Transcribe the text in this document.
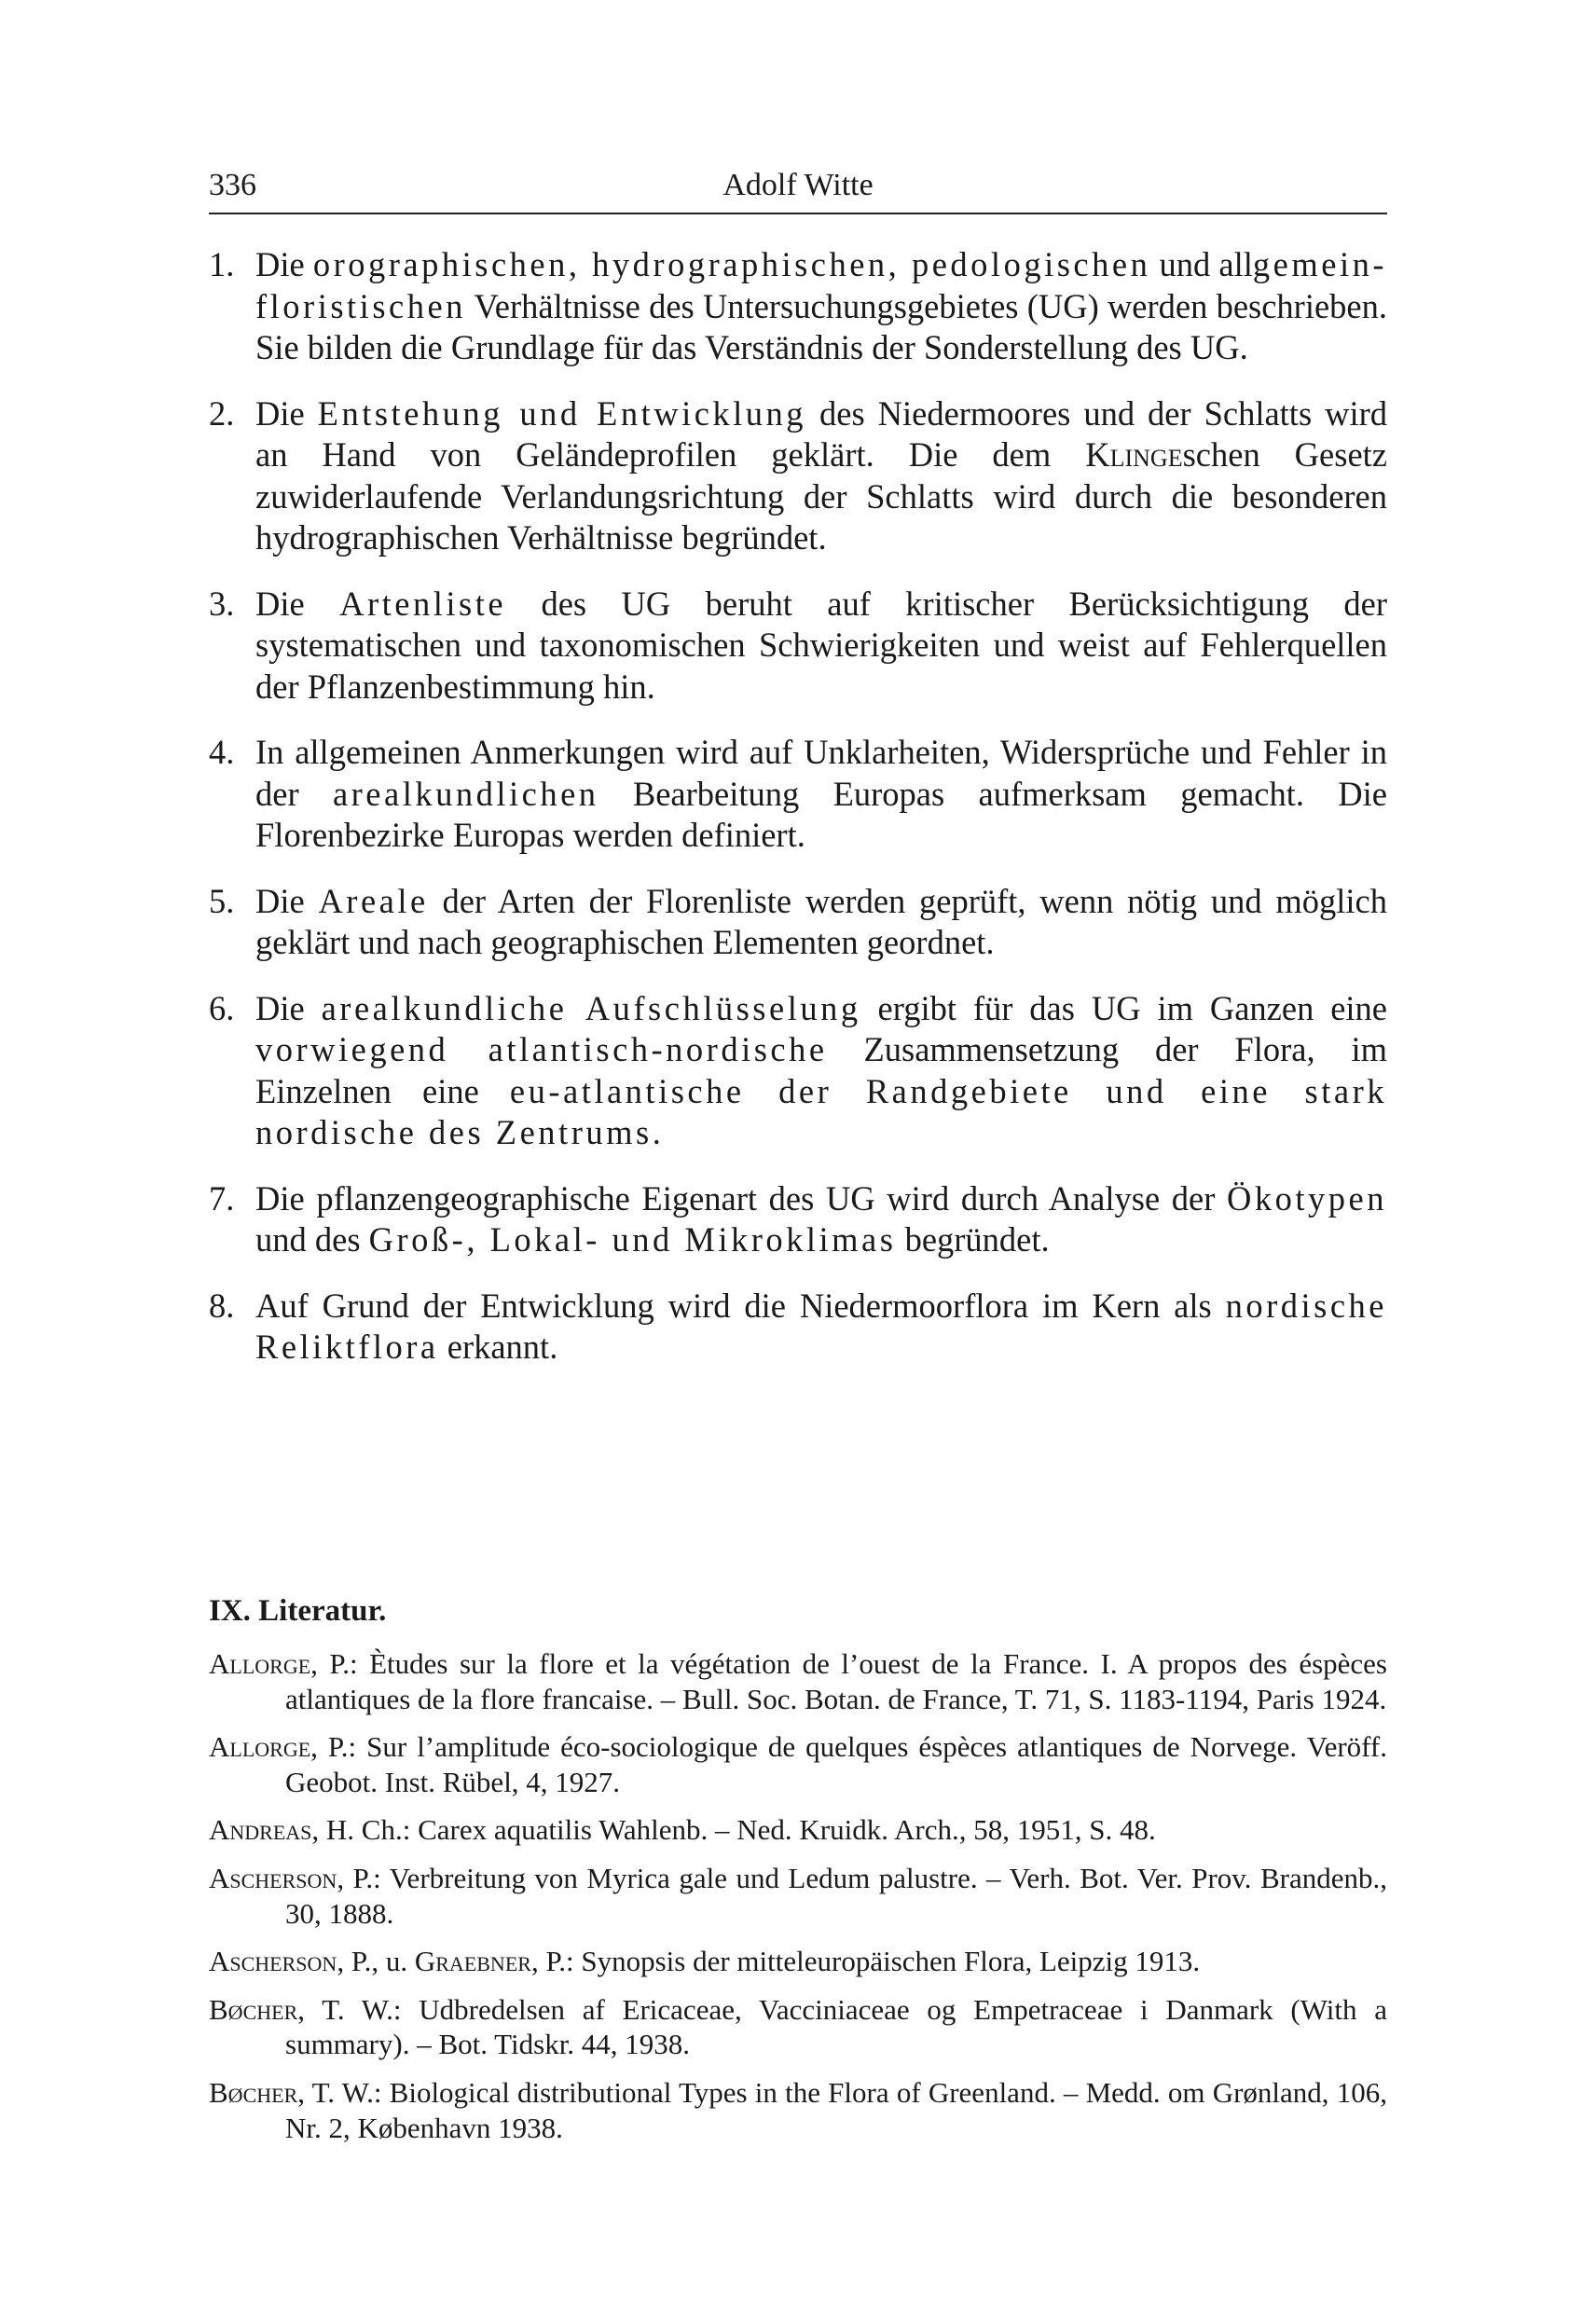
336	Adolf Witte
1. Die orographischen, hydrographischen, pedologischen und allgemein-floristischen Verhältnisse des Untersuchungsgebietes (UG) werden beschrieben. Sie bilden die Grundlage für das Verständnis der Sonderstellung des UG.
2. Die Entstehung und Entwicklung des Niedermoores und der Schlatts wird an Hand von Geländeprofilen geklärt. Die dem Klingeschen Gesetz zuwiderlaufende Verlandungsrichtung der Schlatts wird durch die besonderen hydrographischen Verhältnisse begründet.
3. Die Artenliste des UG beruht auf kritischer Berücksichtigung der systematischen und taxonomischen Schwierigkeiten und weist auf Fehlerquellen der Pflanzenbestimmung hin.
4. In allgemeinen Anmerkungen wird auf Unklarheiten, Widersprüche und Fehler in der arealkundlichen Bearbeitung Europas aufmerksam gemacht. Die Florenbezirke Europas werden definiert.
5. Die Areale der Arten der Florenliste werden geprüft, wenn nötig und möglich geklärt und nach geographischen Elementen geordnet.
6. Die arealkundliche Aufschlüsselung ergibt für das UG im Ganzen eine vorwiegend atlantisch-nordische Zusammensetzung der Flora, im Einzelnen eine eu-atlantische der Randgebiete und eine stark nordische des Zentrums.
7. Die pflanzengeographische Eigenart des UG wird durch Analyse der Ökotypen und des Groß-, Lokal- und Mikroklimas begründet.
8. Auf Grund der Entwicklung wird die Niedermoorflora im Kern als nordische Reliktflora erkannt.
IX. Literatur.
Allorge, P.: Ètudes sur la flore et la végétation de l’ouest de la France. I. A propos des éspèces atlantiques de la flore francaise. – Bull. Soc. Botan. de France, T. 71, S. 1183-1194, Paris 1924.
Allorge, P.: Sur l’amplitude éco-sociologique de quelques éspèces atlantiques de Norvege. Veröff. Geobot. Inst. Rübel, 4, 1927.
Andreas, H. Ch.: Carex aquatilis Wahlenb. – Ned. Kruidk. Arch., 58, 1951, S. 48.
Ascherson, P.: Verbreitung von Myrica gale und Ledum palustre. – Verh. Bot. Ver. Prov. Brandenb., 30, 1888.
Ascherson, P., u. Graebner, P.: Synopsis der mitteleuropäischen Flora, Leipzig 1913.
Bøcher, T. W.: Udbredelsen af Ericaceae, Vacciniaceae og Empetraceae i Danmark (With a summary). – Bot. Tidskr. 44, 1938.
Bøcher, T. W.: Biological distributional Types in the Flora of Greenland. – Medd. om Grønland, 106, Nr. 2, København 1938.
